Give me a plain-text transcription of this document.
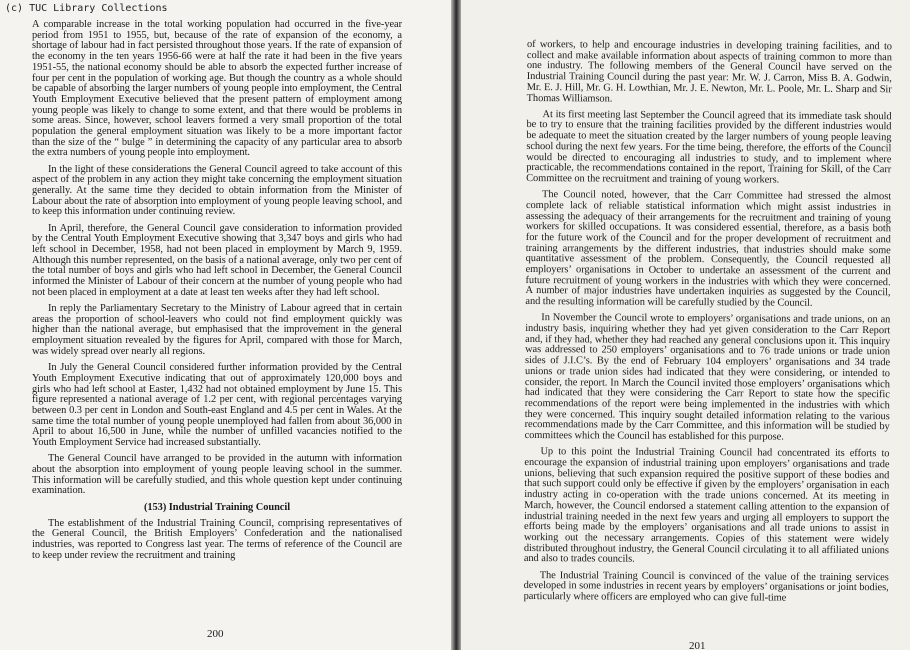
(c) TUC Library Collections

A comparable increase in the total working population had occurred in the five-year period from 1951 to 1955, but, because of the rate of expansion of the economy, a shortage of labour had in fact persisted throughout those years. If the rate of expansion of the economy in the ten years 1956-66 were at half the rate it had been in the five years 1951-55, the national economy should be able to absorb the expected further increase of four per cent in the population of working age. But though the country as a whole should be capable of absorbing the larger numbers of young people into employment, the Central Youth Employment Executive believed that the present pattern of employment among young people was likely to change to some extent, and that there would be problems in some areas. Since, however, school leavers formed a very small proportion of the total population the general employment situation was likely to be a more important factor than the size of the “ bulge ” in determining the capacity of any particular area to absorb the extra numbers of young people into employment.

In the light of these considerations the General Council agreed to take account of this aspect of the problem in any action they might take concerning the employment situation generally. At the same time they decided to obtain information from the Minister of Labour about the rate of absorption into employment of young people leaving school, and to keep this information under continuing review.

In April, therefore, the General Council gave consideration to information provided by the Central Youth Employment Executive showing that 3,347 boys and girls who had left school in December, 1958, had not been placed in employment by March 9, 1959. Although this number represented, on the basis of a national average, only two per cent of the total number of boys and girls who had left school in December, the General Council informed the Minister of Labour of their concern at the number of young people who had not been placed in employment at a date at least ten weeks after they had left school.

In reply the Parliamentary Secretary to the Ministry of Labour agreed that in certain areas the proportion of school-leavers who could not find employment quickly was higher than the national average, but emphasised that the improvement in the general employment situation revealed by the figures for April, compared with those for March, was widely spread over nearly all regions.

In July the General Council considered further information provided by the Central Youth Employment Executive indicating that out of approximately 120,000 boys and girls who had left school at Easter, 1,432 had not obtained employment by June 15. This figure represented a national average of 1.2 per cent, with regional percentages varying between 0.3 per cent in London and South-east England and 4.5 per cent in Wales. At the same time the total number of young people unemployed had fallen from about 36,000 in April to about 16,500 in June, while the number of unfilled vacancies notified to the Youth Employment Service had increased substantially.

The General Council have arranged to be provided in the autumn with information about the absorption into employment of young people leaving school in the summer. This information will be carefully studied, and this whole question kept under continuing examination.

(153) Industrial Training Council

The establishment of the Industrial Training Council, comprising representatives of the General Council, the British Employers’ Confederation and the nationalised industries, was reported to Congress last year. The terms of reference of the Council are to keep under review the recruitment and training

200

of workers, to help and encourage industries in developing training facilities, and to collect and make available information about aspects of training common to more than one industry. The following members of the General Council have served on the Industrial Training Council during the past year: Mr. W. J. Carron, Miss B. A. Godwin, Mr. E. J. Hill, Mr. G. H. Lowthian, Mr. J. E. Newton, Mr. L. Poole, Mr. L. Sharp and Sir Thomas Williamson.

At its first meeting last September the Council agreed that its immediate task should be to try to ensure that the training facilities provided by the different industries would be adequate to meet the situation created by the larger numbers of young people leaving school during the next few years. For the time being, therefore, the efforts of the Council would be directed to encouraging all industries to study, and to implement where practicable, the recommendations contained in the report, Training for Skill, of the Carr Committee on the recruitment and training of young workers.

The Council noted, however, that the Carr Committee had stressed the almost complete lack of reliable statistical information which might assist industries in assessing the adequacy of their arrangements for the recruitment and training of young workers for skilled occupations. It was considered essential, therefore, as a basis both for the future work of the Council and for the proper development of recruitment and training arrangements by the different industries, that industries should make some quantitative assessment of the problem. Consequently, the Council requested all employers’ organisations in October to undertake an assessment of the current and future recruitment of young workers in the industries with which they were concerned. A number of major industries have undertaken inquiries as suggested by the Council, and the resulting information will be carefully studied by the Council.

In November the Council wrote to employers’ organisations and trade unions, on an industry basis, inquiring whether they had yet given consideration to the Carr Report and, if they had, whether they had reached any general conclusions upon it. This inquiry was addressed to 250 employers’ organisations and to 76 trade unions or trade union sides of J.I.C’s. By the end of February 104 employers’ organisations and 34 trade unions or trade union sides had indicated that they were considering, or intended to consider, the report. In March the Council invited those employers’ organisations which had indicated that they were considering the Carr Report to state how the specific recommendations of the report were being implemented in the industries with which they were concerned. This inquiry sought detailed information relating to the various recommendations made by the Carr Committee, and this information will be studied by committees which the Council has established for this purpose.

Up to this point the Industrial Training Council had concentrated its efforts to encourage the expansion of industrial training upon employers’ organisations and trade unions, believing that such expansion required the positive support of these bodies and that such support could only be effective if given by the employers’ organisation in each industry acting in co-operation with the trade unions concerned. At its meeting in March, however, the Council endorsed a statement calling attention to the expansion of industrial training needed in the next few years and urging all employers to support the efforts being made by the employers’ organisations and all trade unions to assist in working out the necessary arrangements. Copies of this statement were widely distributed throughout industry, the General Council circulating it to all affiliated unions and also to trades councils.

The Industrial Training Council is convinced of the value of the training services developed in some industries in recent years by employers’ organisations or joint bodies, particularly where officers are employed who can give full-time

201
